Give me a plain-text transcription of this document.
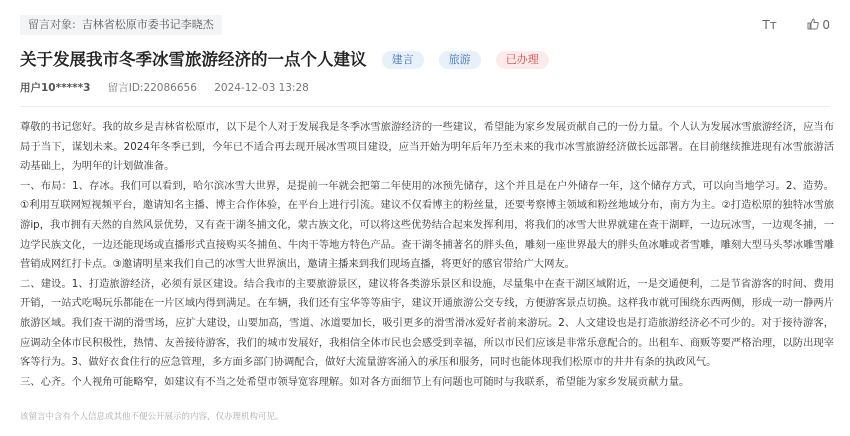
留言对象: 吉林省松原市委书记李晓杰	Tт	0
关于发展我市冬季冰雪旅游经济的一点个人建议 建言	旅游	已办理
用户10*****3 留言ID:22086656 2024-12-03 13:28

尊敬的书记您好。我的故乡是吉林省松原市，以下是个人对于发展我是冬季冰雪旅游经济的一些建议，希望能为家乡发展贡献自己的一份力量。个人认为发展冰雪旅游经济，应当布局于当下，谋划未来。2024年冬季已到，今年已不适合再去现开展冰雪项目建设，应当开始为明年后年乃至未来的我市冰雪旅游经济做长远部署。在目前继续推进现有冰雪旅游活动基础上，为明年的计划做准备。

一、布局：1、存冰。我们可以看到，哈尔滨冰雪大世界，是提前一年就会把第二年使用的冰预先储存，这个并且是在户外储存一年，这个储存方式，可以向当地学习。2、造势。①利用互联网短视频平台，邀请知名主播、博主合作体验，在平台上进行引流。建议不仅看博主的粉丝量，还要考察博主领域和粉丝地域分布，南方为主。②打造松原的独特冰雪旅游ip，我市拥有天然的自然风景优势，又有查干湖冬捕文化，蒙古族文化，可以将这些优势结合起来发挥利用，将我们的冰雪大世界就建在查干湖畔，一边玩冰雪，一边观冬捕，一边学民族文化，一边还能现场或直播形式直接购买冬捕鱼、牛肉干等地方特色产品。查干湖冬捕著名的胖头鱼，雕刻一座世界最大的胖头鱼冰雕或者雪雕，雕刻大型马头琴冰雕雪雕营销成网红打卡点。③邀请明星来我们自己的冰雪大世界演出，邀请主播来到我们现场直播，将更好的感官带给广大网友。

二、建设。1、打造旅游经济，必须有景区建设。结合我市的主要旅游景区，建议将各类游乐景区和设施，尽量集中在查干湖区域附近，一是交通便利，二是节省游客的时间、费用开销，一站式吃喝玩乐都能在一片区域内得到满足。在车辆，我们还有宝华等等庙宇，建议开通旅游公交专线，方便游客景点切换。这样我市就可围绕东西两侧，形成一动一静两片旅游区域。我们查干湖的滑雪场，应扩大建设，山要加高，雪道、冰道要加长，吸引更多的滑雪滑冰爱好者前来游玩。2、人文建设也是打造旅游经济必不可少的。对于接待游客，应调动全体市民积极性，热情、友善接待游客，我们的城市发展好，我相信全体市民也会感受到幸福，所以市民们应该是非常乐意配合的。出租车、商贩等要严格治理，以防出现宰客等行为。3、做好衣食住行的应急管理，多方面多部门协调配合，做好大流量游客涌入的承压和服务，同时也能体现我们松原市的井井有条的执政风气。

三、心齐。个人视角可能略窄，如建议有不当之处希望市领导宽容理解。如对各方面细节上有问题也可随时与我联系，希望能为家乡发展贡献力量。

该留言中含有个人信息或其他不便公开展示的内容，仅办理机构可见。
